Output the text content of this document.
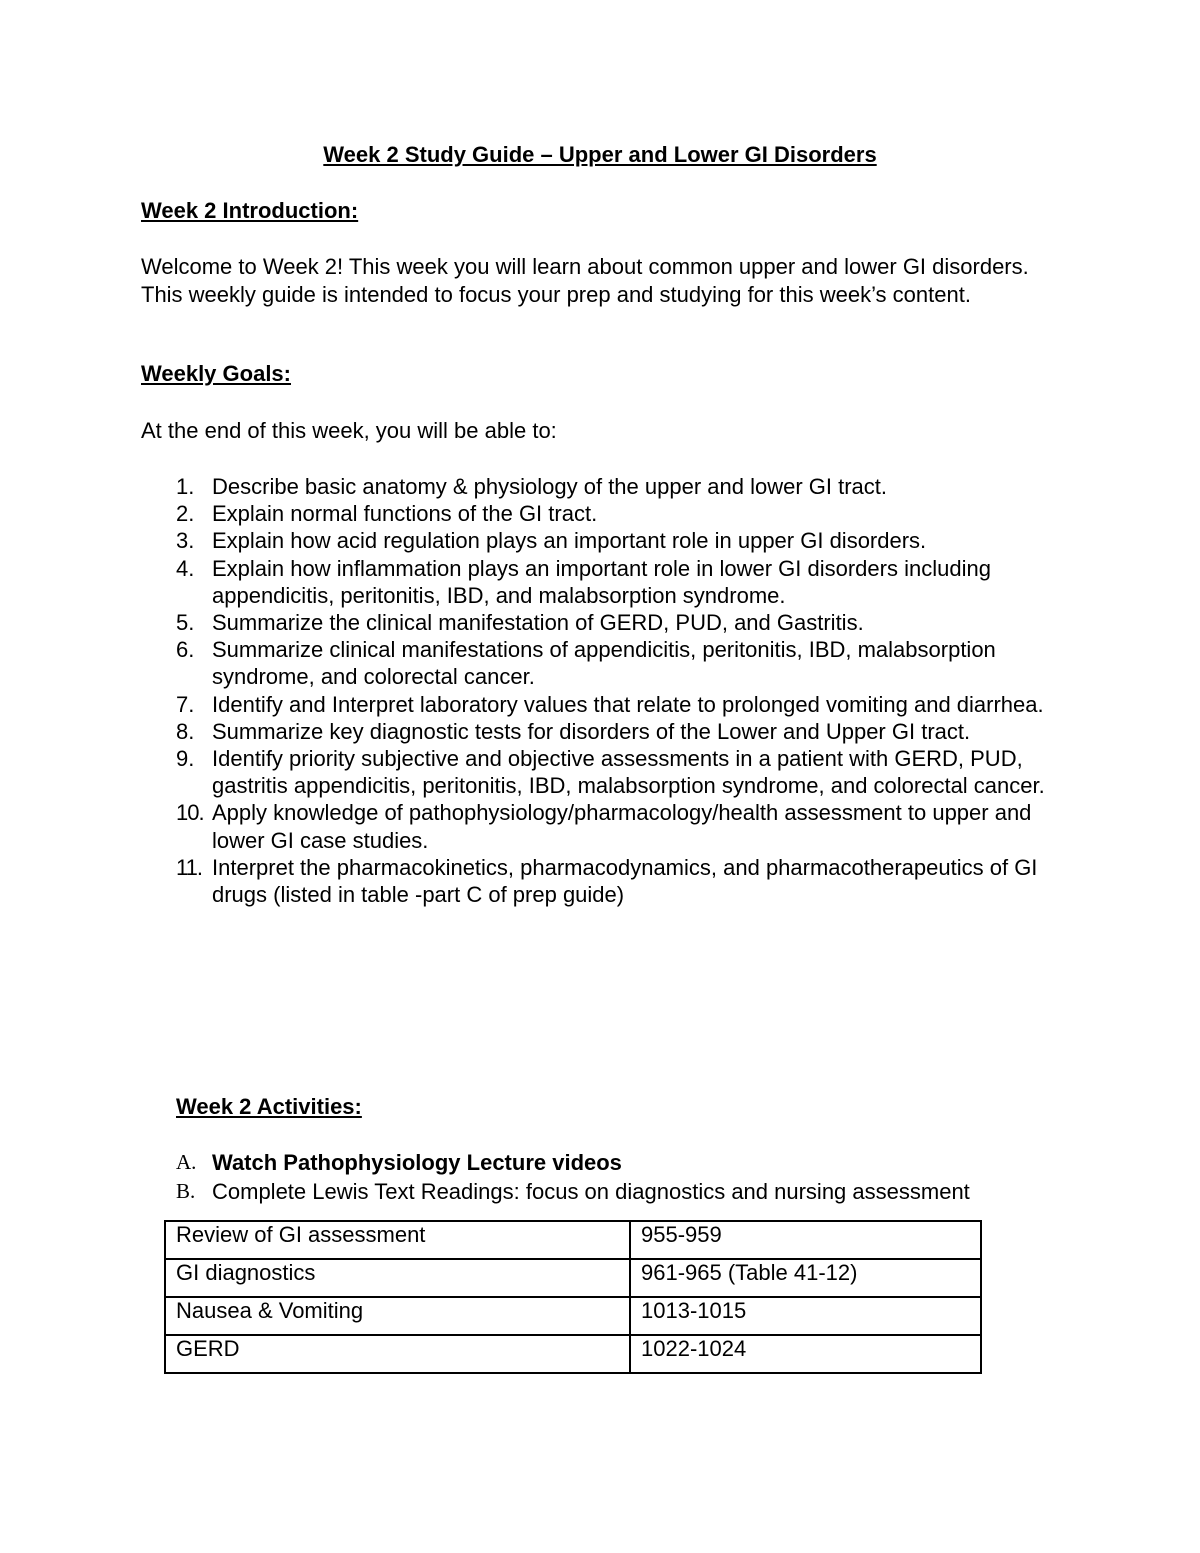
Week 2 Study Guide – Upper and Lower GI Disorders
Week 2 Introduction:
Welcome to Week 2! This week you will learn about common upper and lower GI disorders. This weekly guide is intended to focus your prep and studying for this week’s content.
Weekly Goals:
At the end of this week, you will be able to:
1. Describe basic anatomy & physiology of the upper and lower GI tract.
2. Explain normal functions of the GI tract.
3. Explain how acid regulation plays an important role in upper GI disorders.
4. Explain how inflammation plays an important role in lower GI disorders including appendicitis, peritonitis, IBD, and malabsorption syndrome.
5. Summarize the clinical manifestation of GERD, PUD, and Gastritis.
6. Summarize clinical manifestations of appendicitis, peritonitis, IBD, malabsorption syndrome, and colorectal cancer.
7. Identify and Interpret laboratory values that relate to prolonged vomiting and diarrhea.
8. Summarize key diagnostic tests for disorders of the Lower and Upper GI tract.
9. Identify priority subjective and objective assessments in a patient with GERD, PUD, gastritis appendicitis, peritonitis, IBD, malabsorption syndrome, and colorectal cancer.
10. Apply knowledge of pathophysiology/pharmacology/health assessment to upper and lower GI case studies.
11. Interpret the pharmacokinetics, pharmacodynamics, and pharmacotherapeutics of GI drugs (listed in table -part C of prep guide)
Week 2 Activities:
A. Watch Pathophysiology Lecture videos
B. Complete Lewis Text Readings: focus on diagnostics and nursing assessment
Review of GI assessment	955-959
GI diagnostics	961-965 (Table 41-12)
Nausea & Vomiting	1013-1015
GERD	1022-1024
